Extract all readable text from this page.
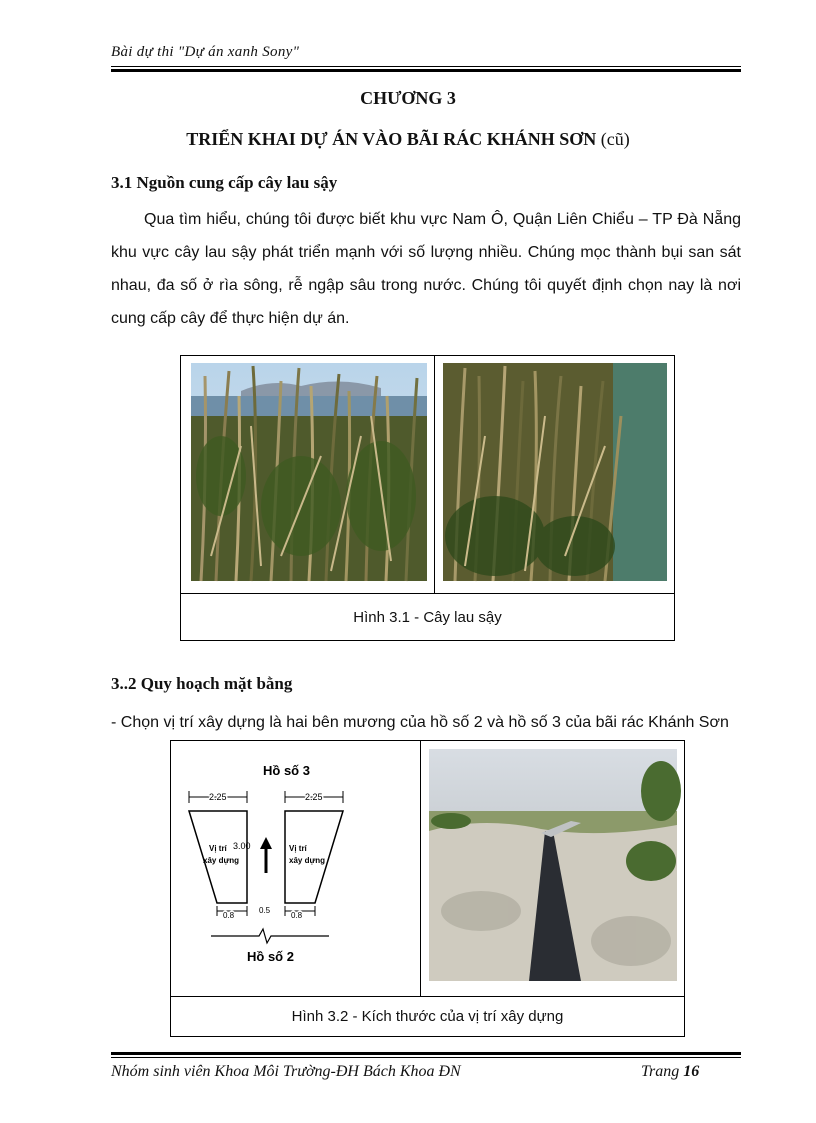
Bài dự thi "Dự án xanh Sony"
CHƯƠNG 3
TRIỂN KHAI DỰ ÁN VÀO BÃI RÁC KHÁNH SƠN (cũ)
3.1 Nguồn cung cấp cây lau sậy

Qua tìm hiểu, chúng tôi được biết khu vực Nam Ô, Quận Liên Chiểu – TP Đà Nẵng khu vực cây lau sậy phát triển mạnh với số lượng nhiều. Chúng mọc thành bụi san sát nhau, đa số ở rìa sông, rễ ngập sâu trong nước. Chúng tôi quyết định chọn nay là nơi cung cấp cây để thực hiện dự án.

Hình 3.1 - Cây lau sậy
3..2 Quy hoạch mặt bằng
- Chọn vị trí xây dựng là hai bên mương của hồ số 2 và hồ số 3 của bãi rác Khánh Sơn
Hồ số 3
2.25	2.25
Vị trí
xây dựng
Vị trí
xây dựng
3.00
0.8	0.8
0.5
Hồ số 2

Hình 3.2 - Kích thước của vị trí xây dựng
Nhóm sinh viên Khoa Môi Trường-ĐH Bách Khoa ĐN	Trang 16
